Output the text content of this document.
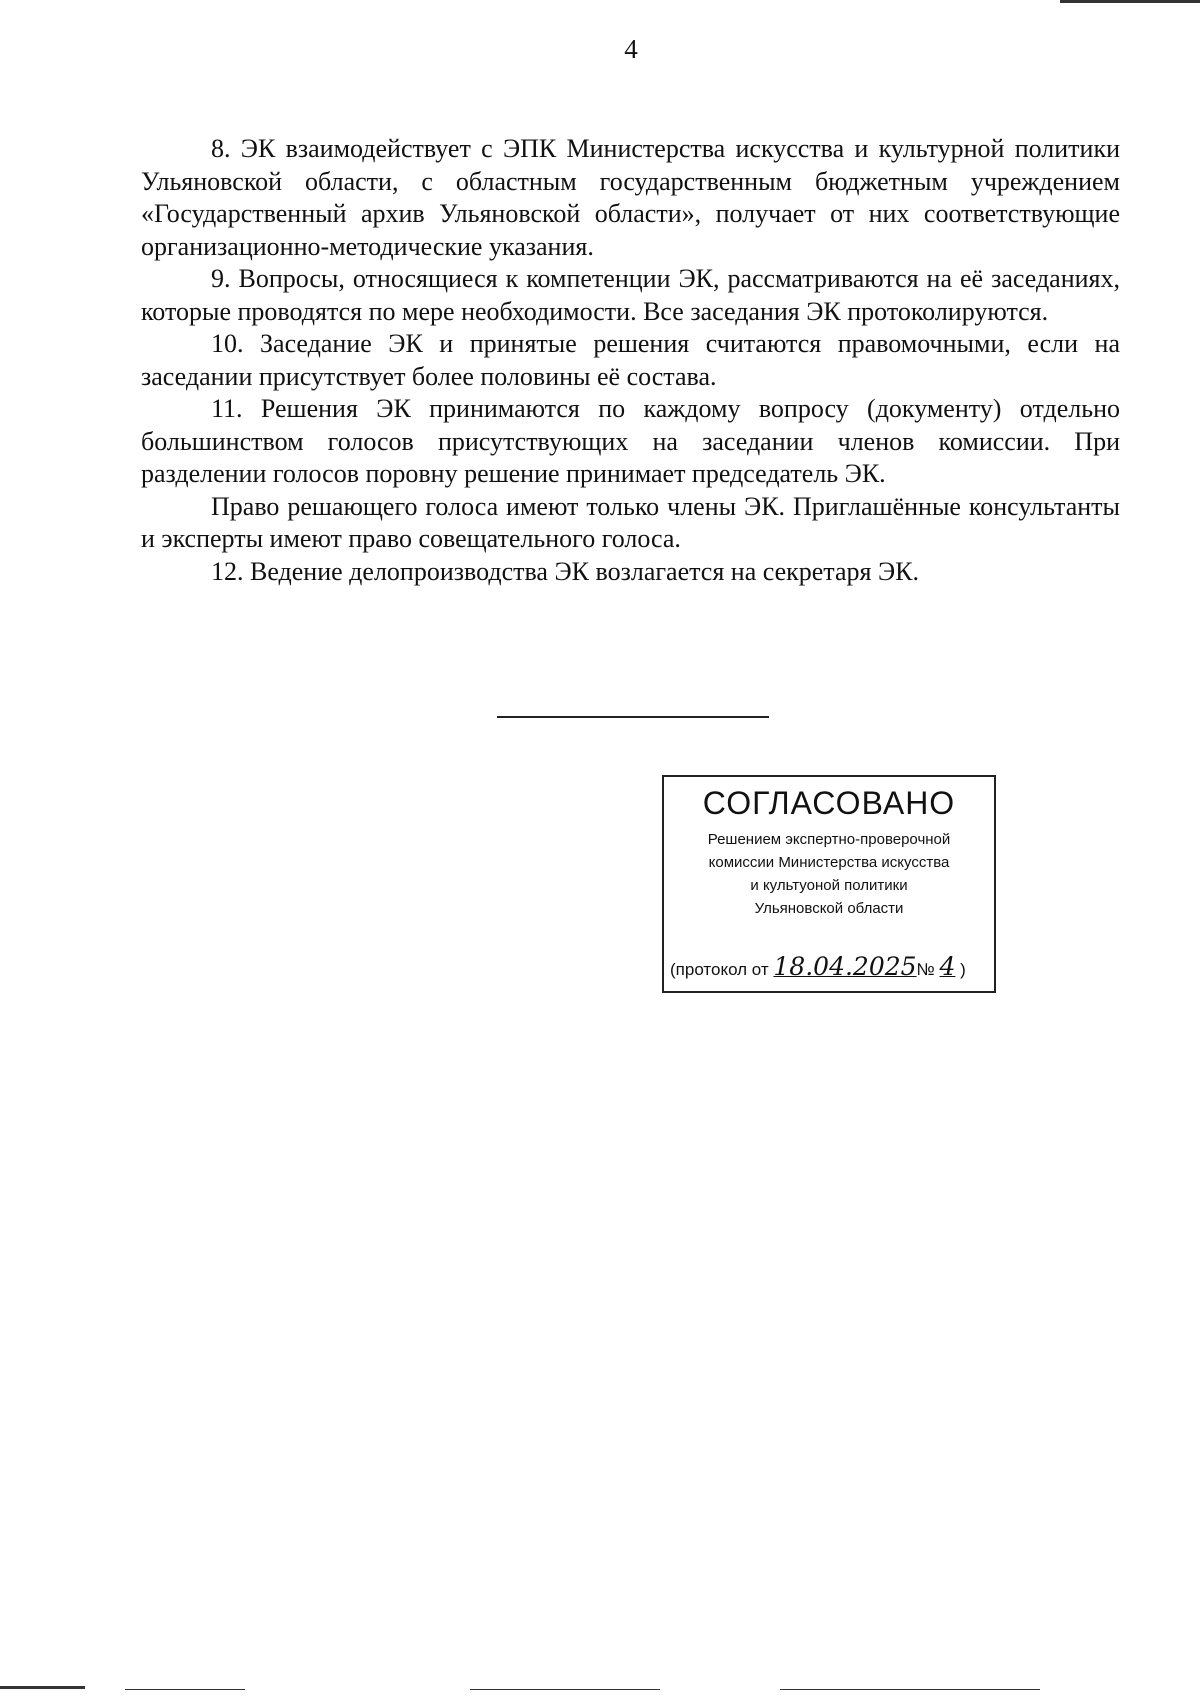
4

8. ЭК взаимодействует с ЭПК Министерства искусства и культурной политики Ульяновской области, с областным государственным бюджетным учреждением «Государственный архив Ульяновской области», получает от них соответствующие организационно-методические указания.

9. Вопросы, относящиеся к компетенции ЭК, рассматриваются на её заседаниях, которые проводятся по мере необходимости. Все заседания ЭК протоколируются.

10. Заседание ЭК и принятые решения считаются правомочными, если на заседании присутствует более половины её состава.

11. Решения ЭК принимаются по каждому вопросу (документу) отдельно большинством голосов присутствующих на заседании членов комиссии. При разделении голосов поровну решение принимает председатель ЭК.

Право решающего голоса имеют только члены ЭК. Приглашённые консультанты и эксперты имеют право совещательного голоса.

12. Ведение делопроизводства ЭК возлагается на секретаря ЭК.

СОГЛАСОВАНО
Решением экспертно-проверочной
комиссии Министерства искусства
и культуоной политики
Ульяновской области
(протокол от 18.04.2025№ 4 )
